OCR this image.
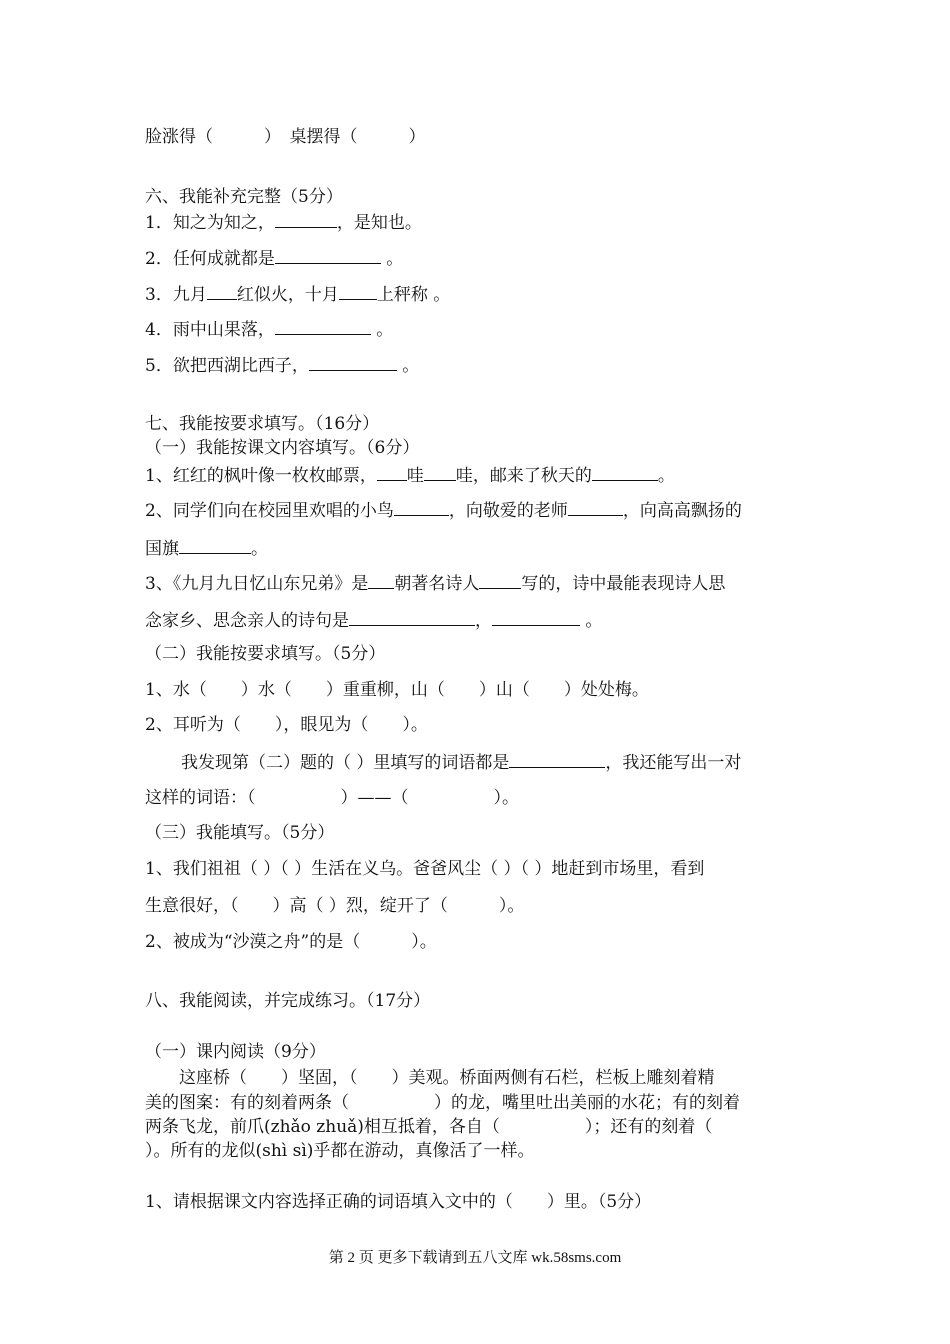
脸涨得（　　　）　桌摆得（　　　）
六、我能补充完整（5分）
1．知之为知之，	，是知也。
2．任何成就都是	。
3．九月 红似火，十月 上秤称 。
4．雨中山果落，	。
5．欲把西湖比西子，	。
七、我能按要求填写。（16分）
（一）我能按课文内容填写。（6分）
1、红红的枫叶像一枚枚邮票， 哇 哇，邮来了秋天的	。
2、同学们向在校园里欢唱的小鸟	，向敬爱的老师	，向高高飘扬的
国旗	。
3、《九月九日忆山东兄弟》是 朝著名诗人 写的，诗中最能表现诗人思
念家乡、思念亲人的诗句是	，	。
（二）我能按要求填写。（5分）
1、水（　　）水（　　）重重柳，山（　　）山（　　）处处梅。
2、耳听为（　　），眼见为（　　）。
我发现第（二）题的（ ）里填写的词语都是	，我还能写出一对
这样的词语：（　　　　　）——（　　　　　）。
（三）我能填写。（5分）
1、我们祖祖（ ）（ ）生活在义乌。爸爸风尘（ ）（ ）地赶到市场里，看到
生意很好，（　　）高（ ）烈，绽开了（　　　）。
2、被成为“沙漠之舟”的是（　　　）。
八、我能阅读，并完成练习。（17分）
（一）课内阅读（9分）
　　这座桥（　　）坚固，（　　）美观。桥面两侧有石栏，栏板上雕刻着精
美的图案：有的刻着两条（　　　　　）的龙，嘴里吐出美丽的水花；有的刻着
两条飞龙，前爪(zhǎo zhuǎ)相互抵着，各自（　　　　　）；还有的刻着（
）。所有的龙似(shì sì)乎都在游动，真像活了一样。
1、请根据课文内容选择正确的词语填入文中的（　　）里。（5分）
第 2 页 更多下载请到五八文库 wk.58sms.com
